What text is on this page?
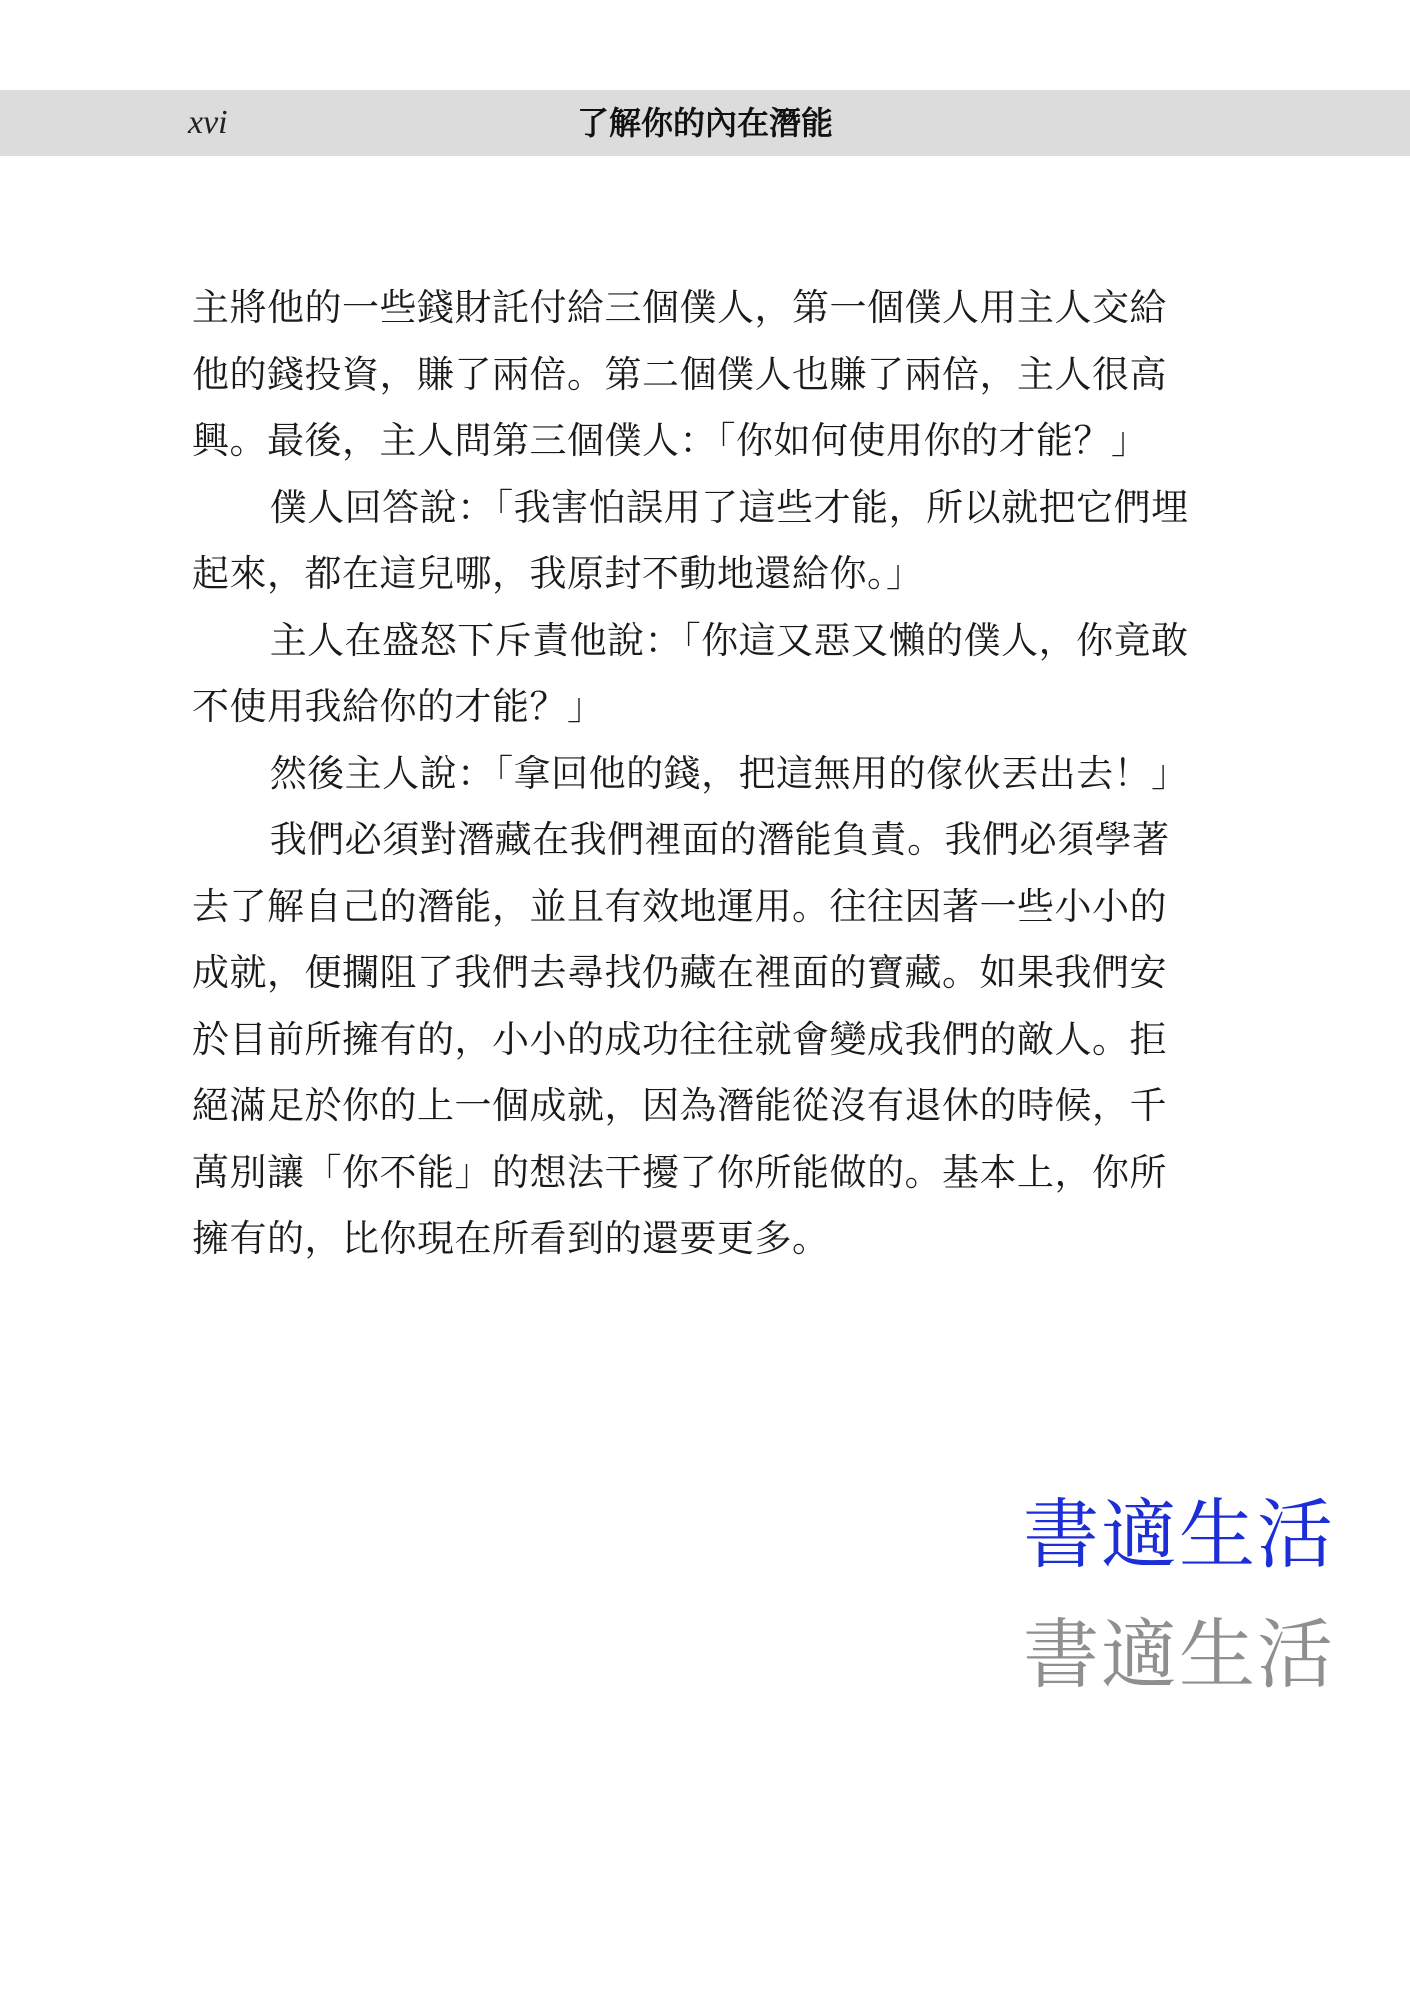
xvi	了解你的內在潛能

主將他的一些錢財託付給三個僕人，第一個僕人用主人交給他的錢投資，賺了兩倍。第二個僕人也賺了兩倍，主人很高興。最後，主人問第三個僕人：「你如何使用你的才能？」

僕人回答說：「我害怕誤用了這些才能，所以就把它們埋起來，都在這兒哪，我原封不動地還給你。」

主人在盛怒下斥責他說：「你這又惡又懶的僕人，你竟敢不使用我給你的才能？」

然後主人說：「拿回他的錢，把這無用的傢伙丟出去！」

我們必須對潛藏在我們裡面的潛能負責。我們必須學著去了解自己的潛能，並且有效地運用。往往因著一些小小的成就，便攔阻了我們去尋找仍藏在裡面的寶藏。如果我們安於目前所擁有的，小小的成功往往就會變成我們的敵人。拒絕滿足於你的上一個成就，因為潛能從沒有退休的時候，千萬別讓「你不能」的想法干擾了你所能做的。基本上，你所擁有的，比你現在所看到的還要更多。

書適生活
書適生活
